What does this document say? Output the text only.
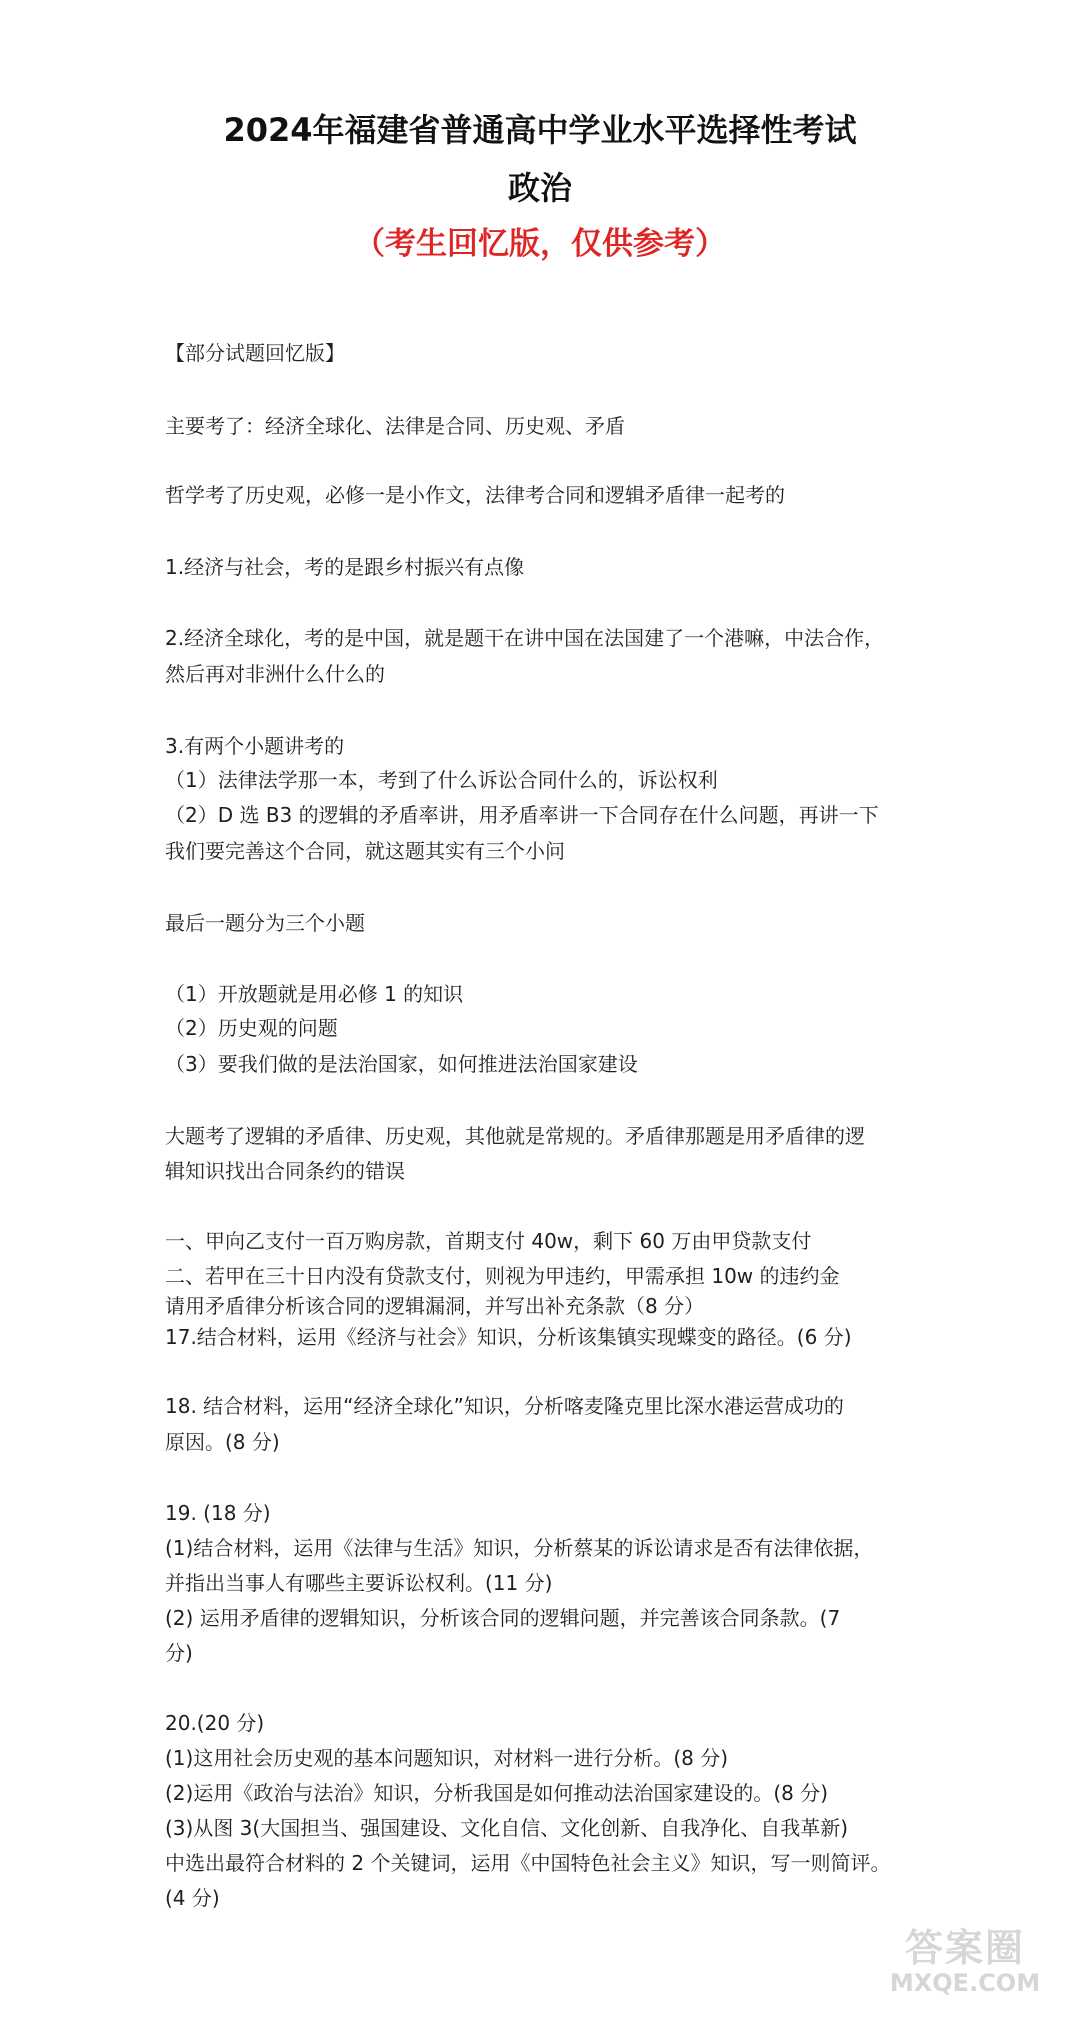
2024年福建省普通高中学业水平选择性考试
政治
（考生回忆版，仅供参考）
【部分试题回忆版】
主要考了：经济全球化、法律是合同、历史观、矛盾
哲学考了历史观，必修一是小作文，法律考合同和逻辑矛盾律一起考的
1.经济与社会，考的是跟乡村振兴有点像
2.经济全球化，考的是中国，就是题干在讲中国在法国建了一个港嘛，中法合作，
然后再对非洲什么什么的
3.有两个小题讲考的
（1）法律法学那一本，考到了什么诉讼合同什么的，诉讼权利
（2）D 选 B3 的逻辑的矛盾率讲，用矛盾率讲一下合同存在什么问题，再讲一下
我们要完善这个合同，就这题其实有三个小问
最后一题分为三个小题
（1）开放题就是用必修 1 的知识
（2）历史观的问题
（3）要我们做的是法治国家，如何推进法治国家建设
大题考了逻辑的矛盾律、历史观，其他就是常规的。矛盾律那题是用矛盾律的逻
辑知识找出合同条约的错误
一、甲向乙支付一百万购房款，首期支付 40w，剩下 60 万由甲贷款支付
二、若甲在三十日内没有贷款支付，则视为甲违约，甲需承担 10w 的违约金
请用矛盾律分析该合同的逻辑漏洞，并写出补充条款（8 分）
17.结合材料，运用《经济与社会》知识，分析该集镇实现蝶变的路径。(6 分)
18. 结合材料，运用“经济全球化”知识，分析喀麦隆克里比深水港运营成功的
原因。(8 分)
19. (18 分)
(1)结合材料，运用《法律与生活》知识，分析蔡某的诉讼请求是否有法律依据，
并指出当事人有哪些主要诉讼权利。(11 分)
(2) 运用矛盾律的逻辑知识，分析该合同的逻辑问题，并完善该合同条款。(7
分)
20.(20 分)
(1)这用社会历史观的基本问题知识，对材料一进行分析。(8 分)
(2)运用《政治与法治》知识，分析我国是如何推动法治国家建设的。(8 分)
(3)从图 3(大国担当、强国建设、文化自信、文化创新、自我净化、自我革新)
中选出最符合材料的 2 个关键词，运用《中国特色社会主义》知识，写一则简评。
(4 分)
答案圈
MXQE.COM
